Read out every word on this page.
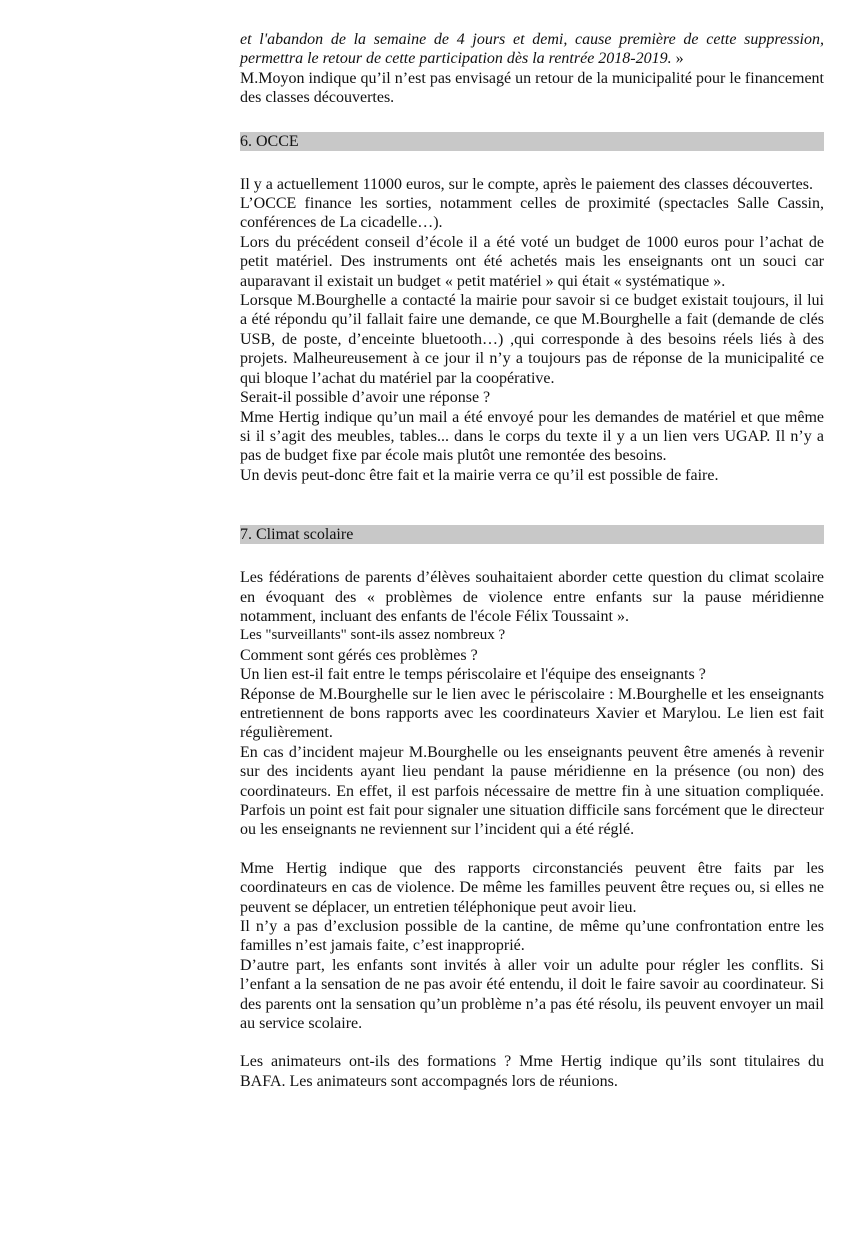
et l'abandon de la semaine de 4 jours et demi, cause première de cette suppression, permettra le retour de cette participation dès la rentrée 2018-2019. »

M.Moyon indique qu’il n’est pas envisagé un retour de la municipalité pour le financement des classes découvertes.

6. OCCE

Il y a actuellement 11000 euros, sur le compte, après le paiement des classes découvertes.

L’OCCE finance les sorties, notamment celles de proximité (spectacles Salle Cassin, conférences de La cicadelle…).

Lors du précédent conseil d’école il a été voté un budget de 1000 euros pour l’achat de petit matériel. Des instruments ont été achetés mais les enseignants ont un souci car auparavant il existait un budget « petit matériel » qui était « systématique ».

Lorsque M.Bourghelle a contacté la mairie pour savoir si ce budget existait toujours, il lui a été répondu qu’il fallait faire une demande, ce que M.Bourghelle a fait (demande de clés USB, de poste, d’enceinte bluetooth…) ,qui corresponde à des besoins réels liés à des projets. Malheureusement à ce jour il n’y a toujours pas de réponse de la municipalité ce qui bloque l’achat du matériel par la coopérative.

Serait-il possible d’avoir une réponse ?

Mme Hertig indique qu’un mail a été envoyé pour les demandes de matériel et que même si il s’agit des meubles, tables... dans le corps du texte il y a un lien vers UGAP. Il n’y a pas de budget fixe par école mais plutôt une remontée des besoins.

Un devis peut-donc être fait et la mairie verra ce qu’il est possible de faire.

7. Climat scolaire

Les fédérations de parents d’élèves souhaitaient aborder cette question du climat scolaire en évoquant des « problèmes de violence entre enfants sur la pause méridienne notamment, incluant des enfants de l'école Félix Toussaint ».

Les "surveillants" sont-ils assez nombreux ?

Comment sont gérés ces problèmes ?

Un lien est-il fait entre le temps périscolaire et l'équipe des enseignants ?

Réponse de M.Bourghelle sur le lien avec le périscolaire : M.Bourghelle et les enseignants entretiennent de bons rapports avec les coordinateurs Xavier et Marylou. Le lien est fait régulièrement.

En cas d’incident majeur M.Bourghelle ou les enseignants peuvent être amenés à revenir sur des incidents ayant lieu pendant la pause méridienne en la présence (ou non) des coordinateurs. En effet, il est parfois nécessaire de mettre fin à une situation compliquée. Parfois un point est fait pour signaler une situation difficile sans forcément que le directeur ou les enseignants ne reviennent sur l’incident qui a été réglé.

Mme Hertig indique que des rapports circonstanciés peuvent être faits par les coordinateurs en cas de violence. De même les familles peuvent être reçues ou, si elles ne peuvent se déplacer, un entretien téléphonique peut avoir lieu.

Il n’y a pas d’exclusion possible de la cantine, de même qu’une confrontation entre les familles n’est jamais faite, c’est inapproprié.

D’autre part, les enfants sont invités à aller voir un adulte pour régler les conflits. Si l’enfant a la sensation de ne pas avoir été entendu, il doit le faire savoir au coordinateur. Si des parents ont la sensation qu’un problème n’a pas été résolu, ils peuvent envoyer un mail au service scolaire.

Les animateurs ont-ils des formations ? Mme Hertig indique qu’ils sont titulaires du BAFA. Les animateurs sont accompagnés lors de réunions.
